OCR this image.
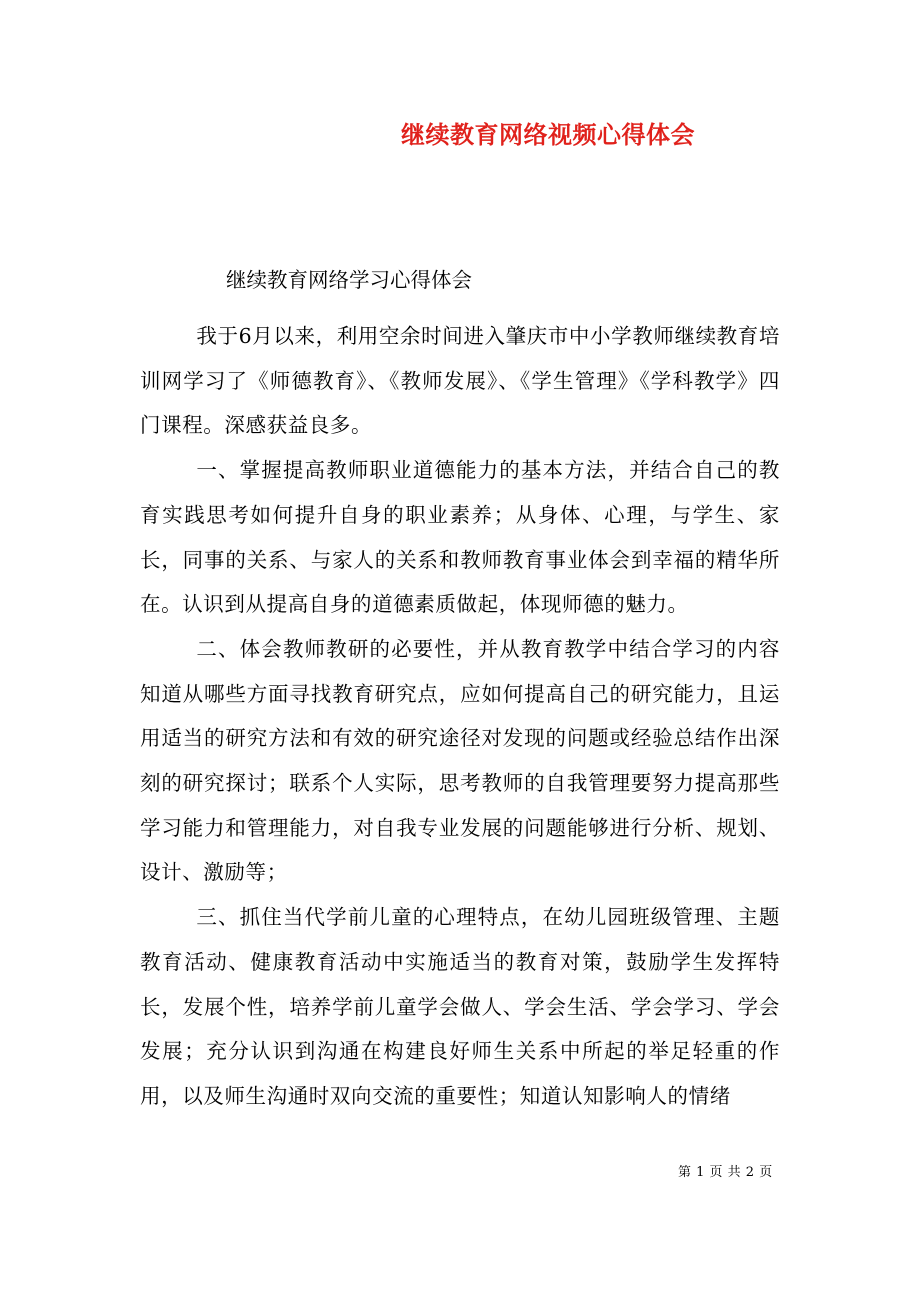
继续教育网络视频心得体会
继续教育网络学习心得体会

我于6月以来，利用空余时间进入肇庆市中小学教师继续教育培训网学习了《师德教育》、《教师发展》、《学生管理》《学科教学》四门课程。深感获益良多。

一、掌握提高教师职业道德能力的基本方法，并结合自己的教育实践思考如何提升自身的职业素养；从身体、心理，与学生、家长，同事的关系、与家人的关系和教师教育事业体会到幸福的精华所在。认识到从提高自身的道德素质做起，体现师德的魅力。

二、体会教师教研的必要性，并从教育教学中结合学习的内容知道从哪些方面寻找教育研究点，应如何提高自己的研究能力，且运用适当的研究方法和有效的研究途径对发现的问题或经验总结作出深刻的研究探讨；联系个人实际，思考教师的自我管理要努力提高那些学习能力和管理能力，对自我专业发展的问题能够进行分析、规划、设计、激励等；

三、抓住当代学前儿童的心理特点，在幼儿园班级管理、主题教育活动、健康教育活动中实施适当的教育对策，鼓励学生发挥特长，发展个性，培养学前儿童学会做人、学会生活、学会学习、学会发展；充分认识到沟通在构建良好师生关系中所起的举足轻重的作用，以及师生沟通时双向交流的重要性；知道认知影响人的情绪

第 1 页 共 2 页
